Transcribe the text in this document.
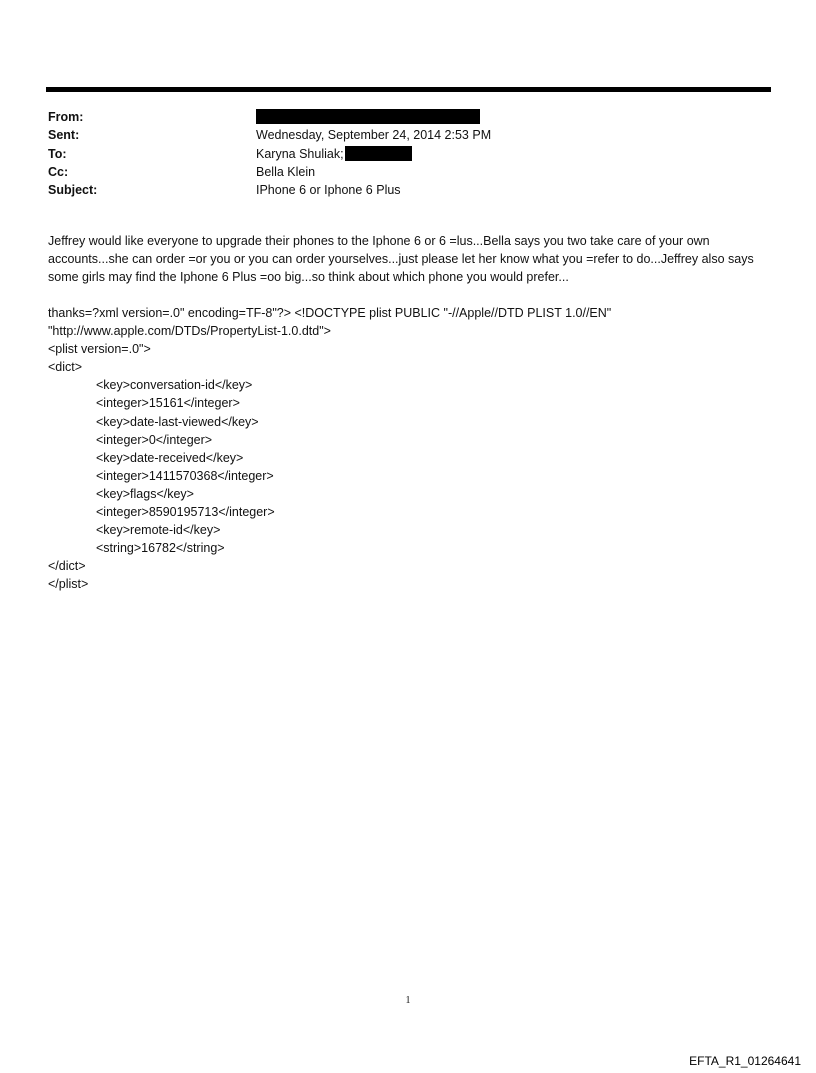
From:
Sent:	Wednesday, September 24, 2014 2:53 PM
To:	Karyna Shuliak;
Cc:	Bella Klein
Subject:	IPhone 6 or Iphone 6 Plus

Jeffrey would like everyone to upgrade their phones to the Iphone 6 or 6 =lus...Bella says you two take care of your own accounts...she can order =or you or you can order yourselves...just please let her know what you =refer to do...Jeffrey also says some girls may find the Iphone 6 Plus =oo big...so think about which phone you would prefer...

thanks=?xml version=.0" encoding=TF-8"?> <!DOCTYPE plist PUBLIC "-//Apple//DTD PLIST 1.0//EN"
"http://www.apple.com/DTDs/PropertyList-1.0.dtd">
<plist version=.0">
<dict>
<key>conversation-id</key>
<integer>15161</integer>
<key>date-last-viewed</key>
<integer>0</integer>
<key>date-received</key>
<integer>1411570368</integer>
<key>flags</key>
<integer>8590195713</integer>
<key>remote-id</key>
<string>16782</string>
</dict>
</plist>
1
EFTA_R1_01264641
